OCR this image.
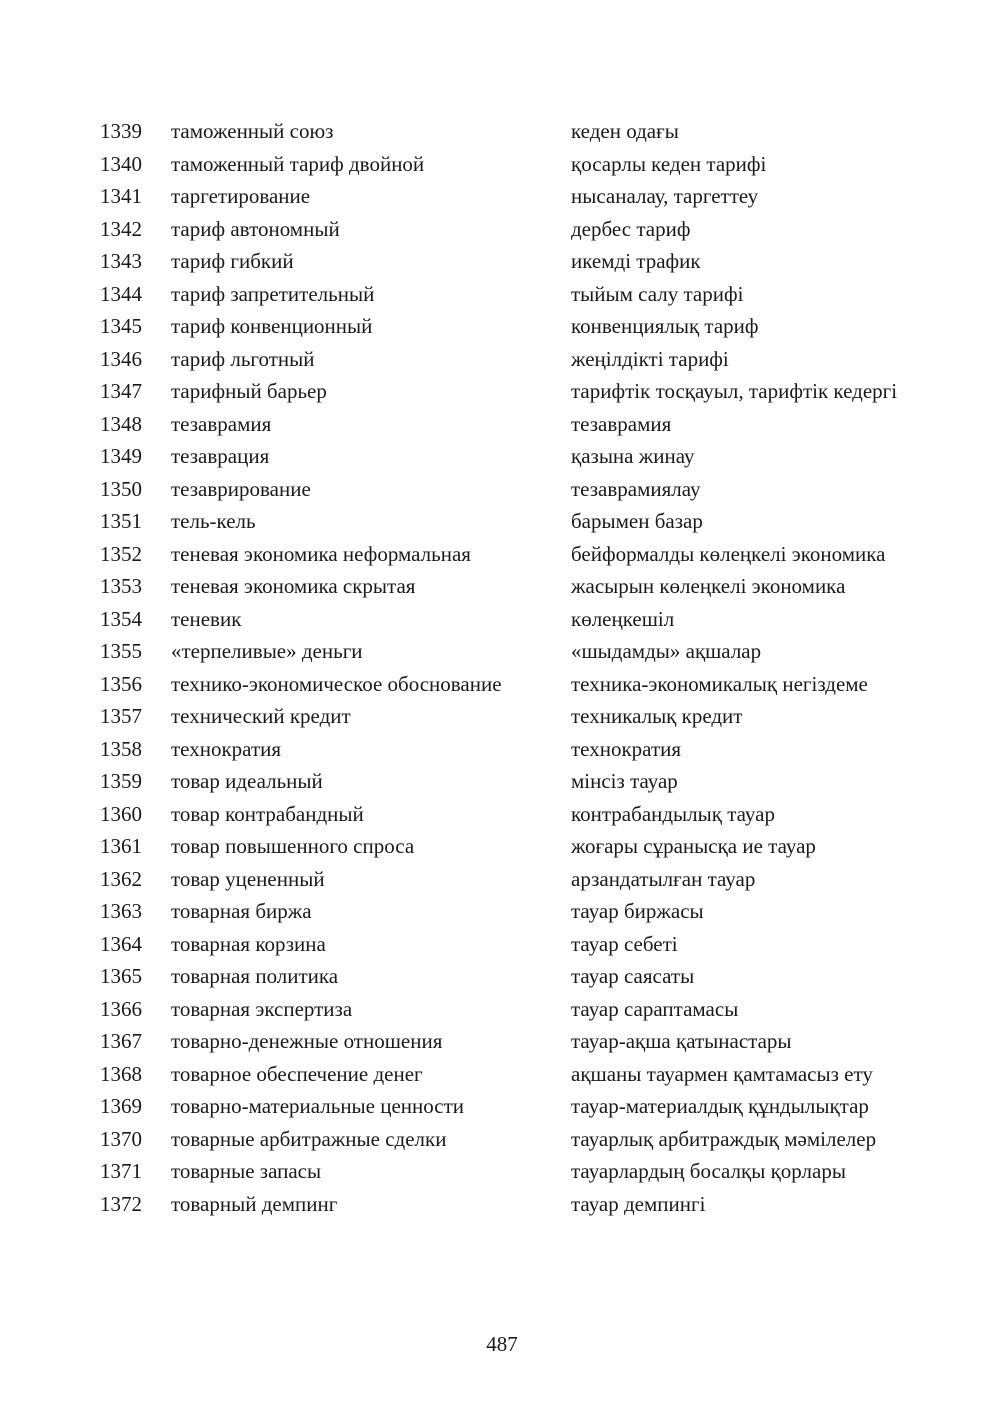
1339	таможенный союз	кеден одағы
1340	таможенный тариф двойной	қосарлы кеден тарифі
1341	таргетирование	нысаналау, таргеттеу
1342	тариф автономный	дербес тариф
1343	тариф гибкий	икемді трафик
1344	тариф запретительный	тыйым салу тарифі
1345	тариф конвенционный	конвенциялық тариф
1346	тариф льготный	жеңілдікті тарифі
1347	тарифный барьер	тарифтік тосқауыл, тарифтік кедергі
1348	тезаврамия	тезаврамия
1349	тезаврация	қазына жинау
1350	тезаврирование	тезаврамиялау
1351	тель-кель	барымен базар
1352	теневая экономика неформальная	бейформалды көлеңкелі экономика
1353	теневая экономика скрытая	жасырын көлеңкелі экономика
1354	теневик	көлеңкешіл
1355	«терпеливые» деньги	«шыдамды» ақшалар
1356	технико-экономическое обоснование	техника-экономикалық негіздеме
1357	технический кредит	техникалық кредит
1358	технократия	технократия
1359	товар идеальный	мінсіз тауар
1360	товар контрабандный	контрабандылық тауар
1361	товар повышенного спроса	жоғары сұранысқа ие тауар
1362	товар уцененный	арзандатылған тауар
1363	товарная биржа	тауар биржасы
1364	товарная корзина	тауар себеті
1365	товарная политика	тауар саясаты
1366	товарная экспертиза	тауар сараптамасы
1367	товарно-денежные отношения	тауар-ақша қатынастары
1368	товарное обеспечение денег	ақшаны тауармен қамтамасыз ету
1369	товарно-материальные ценности	тауар-материалдық құндылықтар
1370	товарные арбитражные сделки	тауарлық арбитраждық мәмілелер
1371	товарные запасы	тауарлардың босалқы қорлары
1372	товарный демпинг	тауар демпингі
487
